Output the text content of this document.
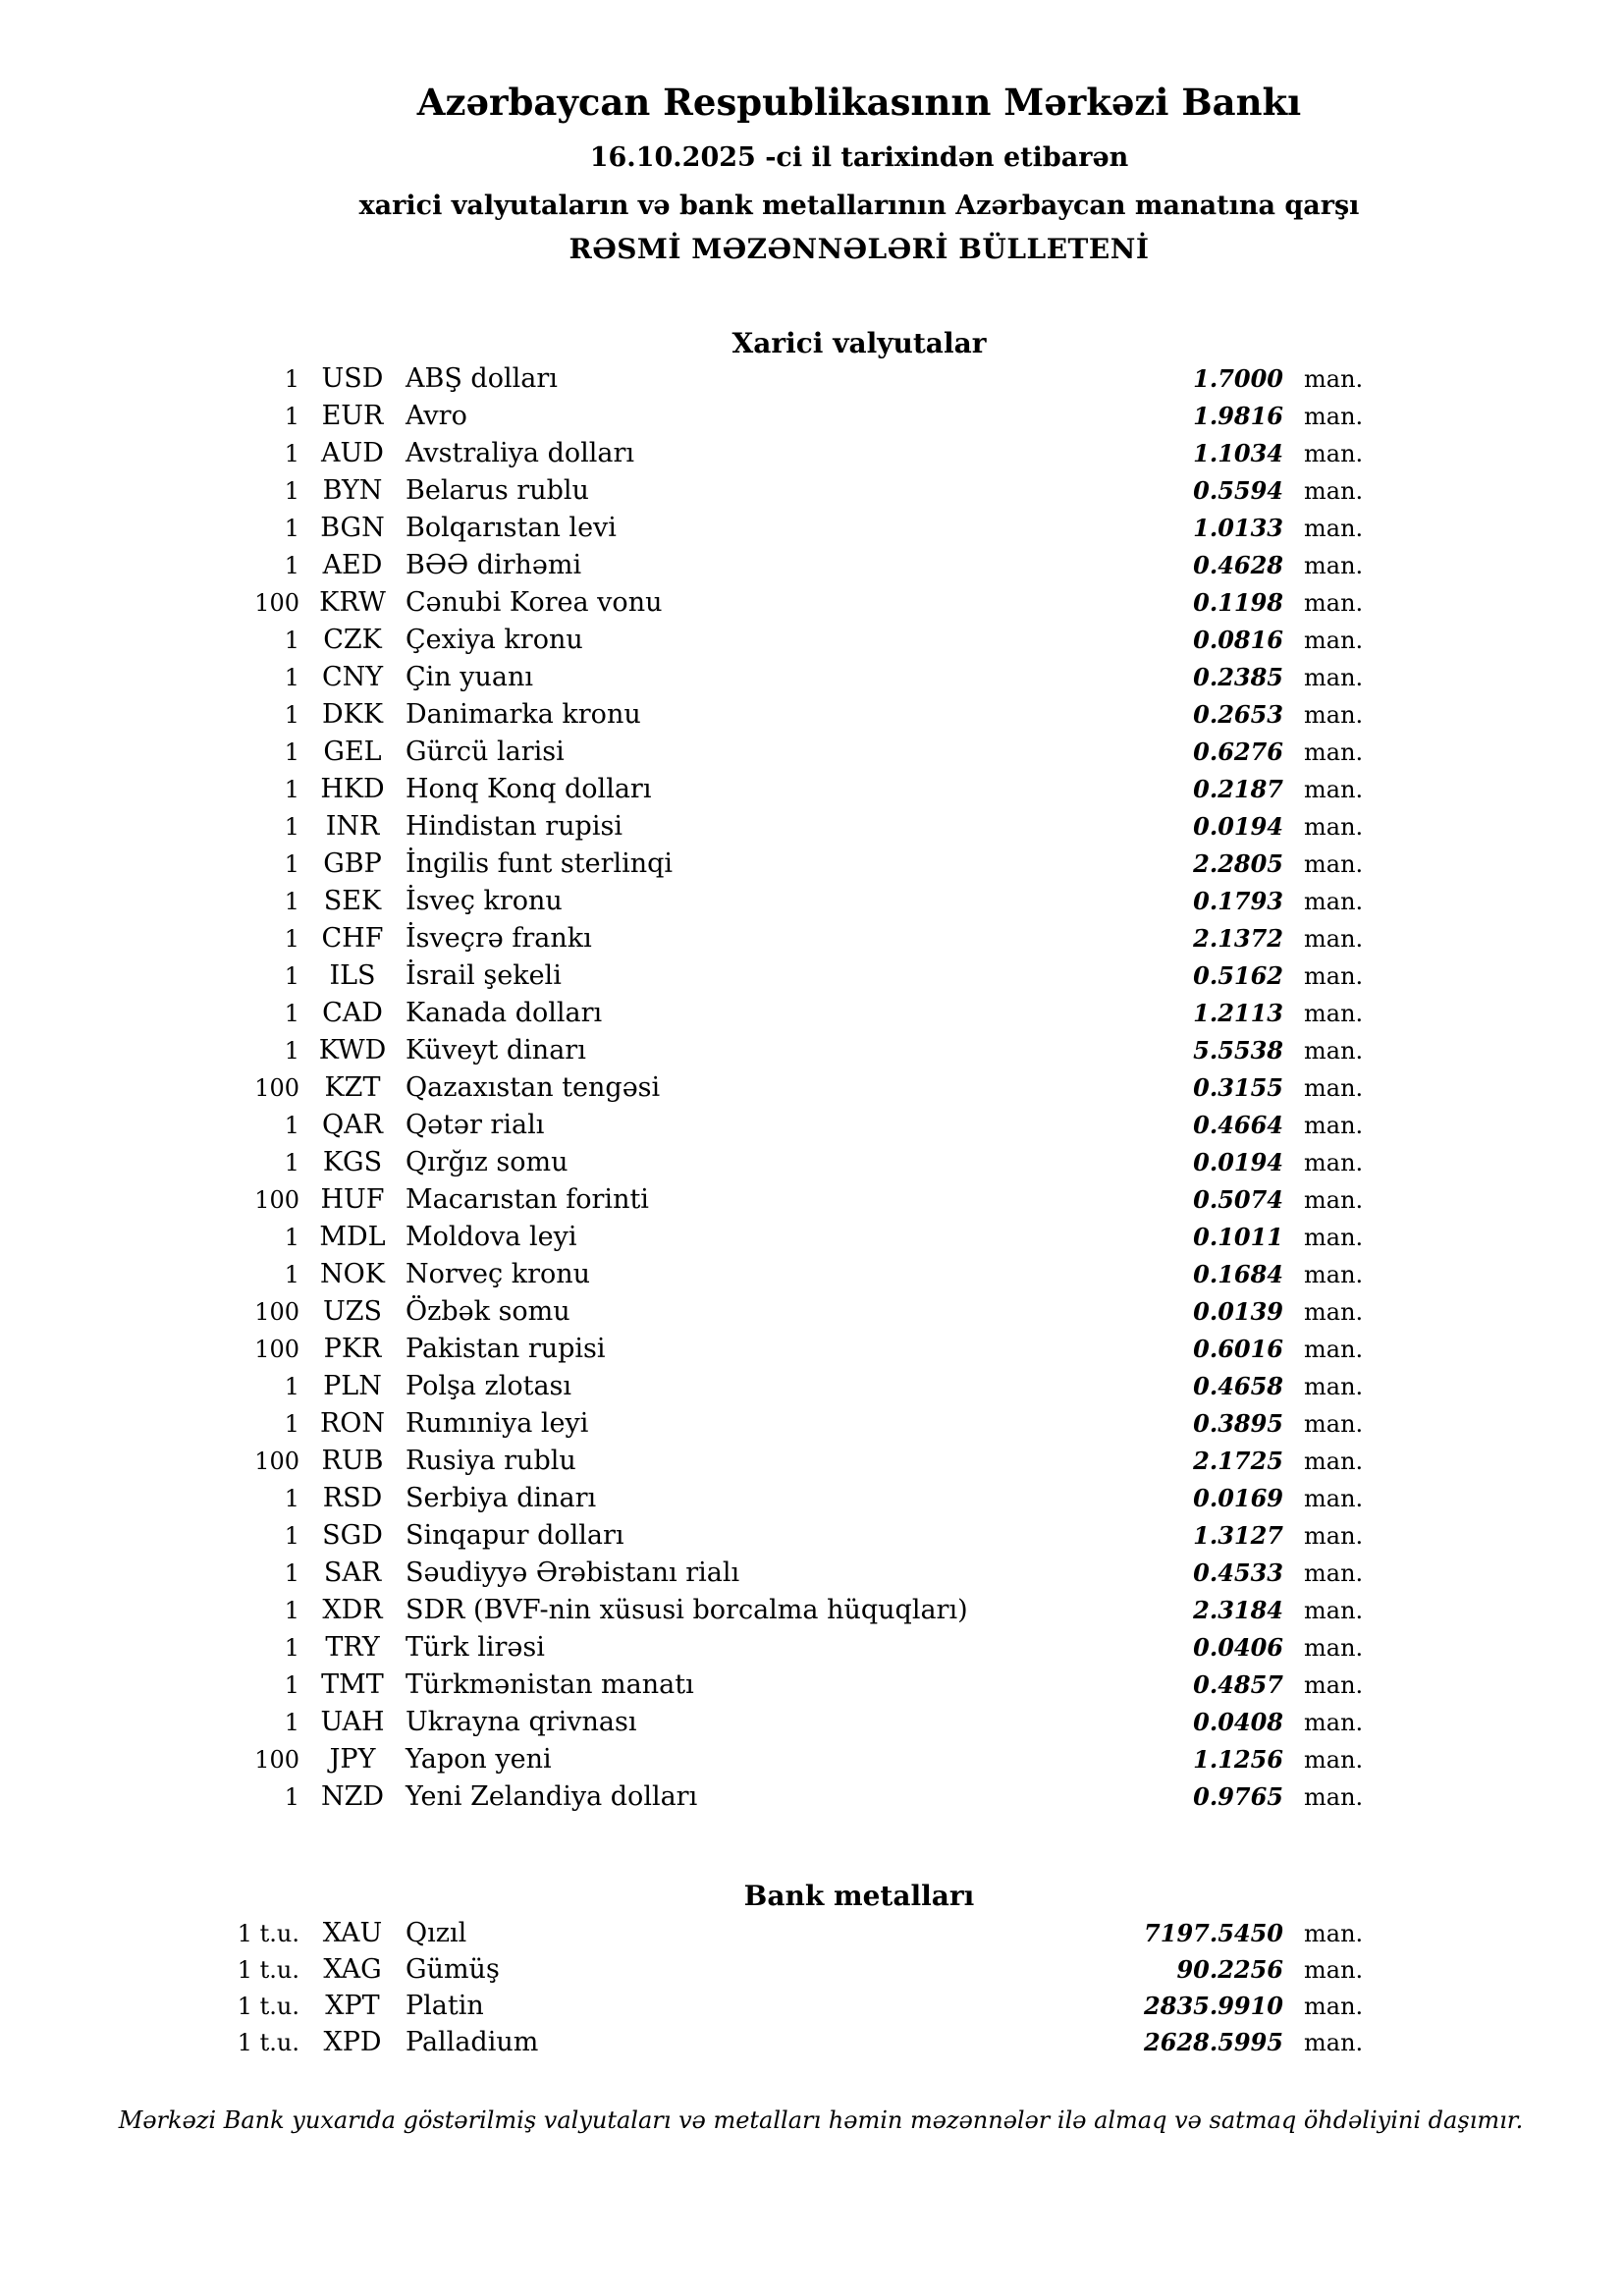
Azərbaycan Respublikasının Mərkəzi Bankı
16.10.2025 -ci il tarixindən etibarən
xarici valyutaların və bank metallarının Azərbaycan manatına qarşı
RƏSMİ MƏZƏNNƏLƏRİ BÜLLETENİ
Xarici valyutalar
1 USD ABŞ dolları	1.7000 man.
1 EUR Avro	1.9816 man.
1 AUD Avstraliya dolları	1.1034 man.
1 BYN Belarus rublu	0.5594 man.
1 BGN Bolqarıstan levi	1.0133 man.
1 AED BƏƏ dirhəmi	0.4628 man.
100 KRW Cənubi Korea vonu	0.1198 man.
1 CZK Çexiya kronu	0.0816 man.
1 CNY Çin yuanı	0.2385 man.
1 DKK Danimarka kronu	0.2653 man.
1 GEL Gürcü larisi	0.6276 man.
1 HKD Honq Konq dolları	0.2187 man.
1 INR Hindistan rupisi	0.0194 man.
1 GBP İngilis funt sterlinqi	2.2805 man.
1 SEK İsveç kronu	0.1793 man.
1 CHF İsveçrə frankı	2.1372 man.
1	ILS	İsrail şekeli	0.5162 man.
1 CAD Kanada dolları	1.2113 man.
1 KWD Küveyt dinarı	5.5538 man.
100 KZT Qazaxıstan tengəsi	0.3155 man.
1 QAR Qətər rialı	0.4664 man.
1 KGS Qırğız somu	0.0194 man.
100 HUF Macarıstan forinti	0.5074 man.
1 MDL Moldova leyi	0.1011 man.
1 NOK Norveç kronu	0.1684 man.
100 UZS Özbək somu	0.0139 man.
100 PKR Pakistan rupisi	0.6016 man.
1 PLN Polşa zlotası	0.4658 man.
1 RON Rumıniya leyi	0.3895 man.
100 RUB Rusiya rublu	2.1725 man.
1 RSD Serbiya dinarı	0.0169 man.
1 SGD Sinqapur dolları	1.3127 man.
1 SAR Səudiyyə Ərəbistanı rialı	0.4533 man.
1 XDR SDR (BVF-nin xüsusi borcalma hüquqları)	2.3184 man.
1 TRY Türk lirəsi	0.0406 man.
1 TMT Türkmənistan manatı	0.4857 man.
1 UAH Ukrayna qrivnası	0.0408 man.
100	JPY	Yapon yeni	1.1256 man.
1 NZD Yeni Zelandiya dolları	0.9765 man.
Bank metalları
1 t.u. XAU Qızıl	7197.5450 man.
1 t.u. XAG Gümüş	90.2256 man.
1 t.u. XPT Platin	2835.9910 man.
1 t.u. XPD Palladium	2628.5995 man.
Mərkəzi Bank yuxarıda göstərilmiş valyutaları və metalları həmin məzənnələr ilə almaq və satmaq öhdəliyini daşımır.
